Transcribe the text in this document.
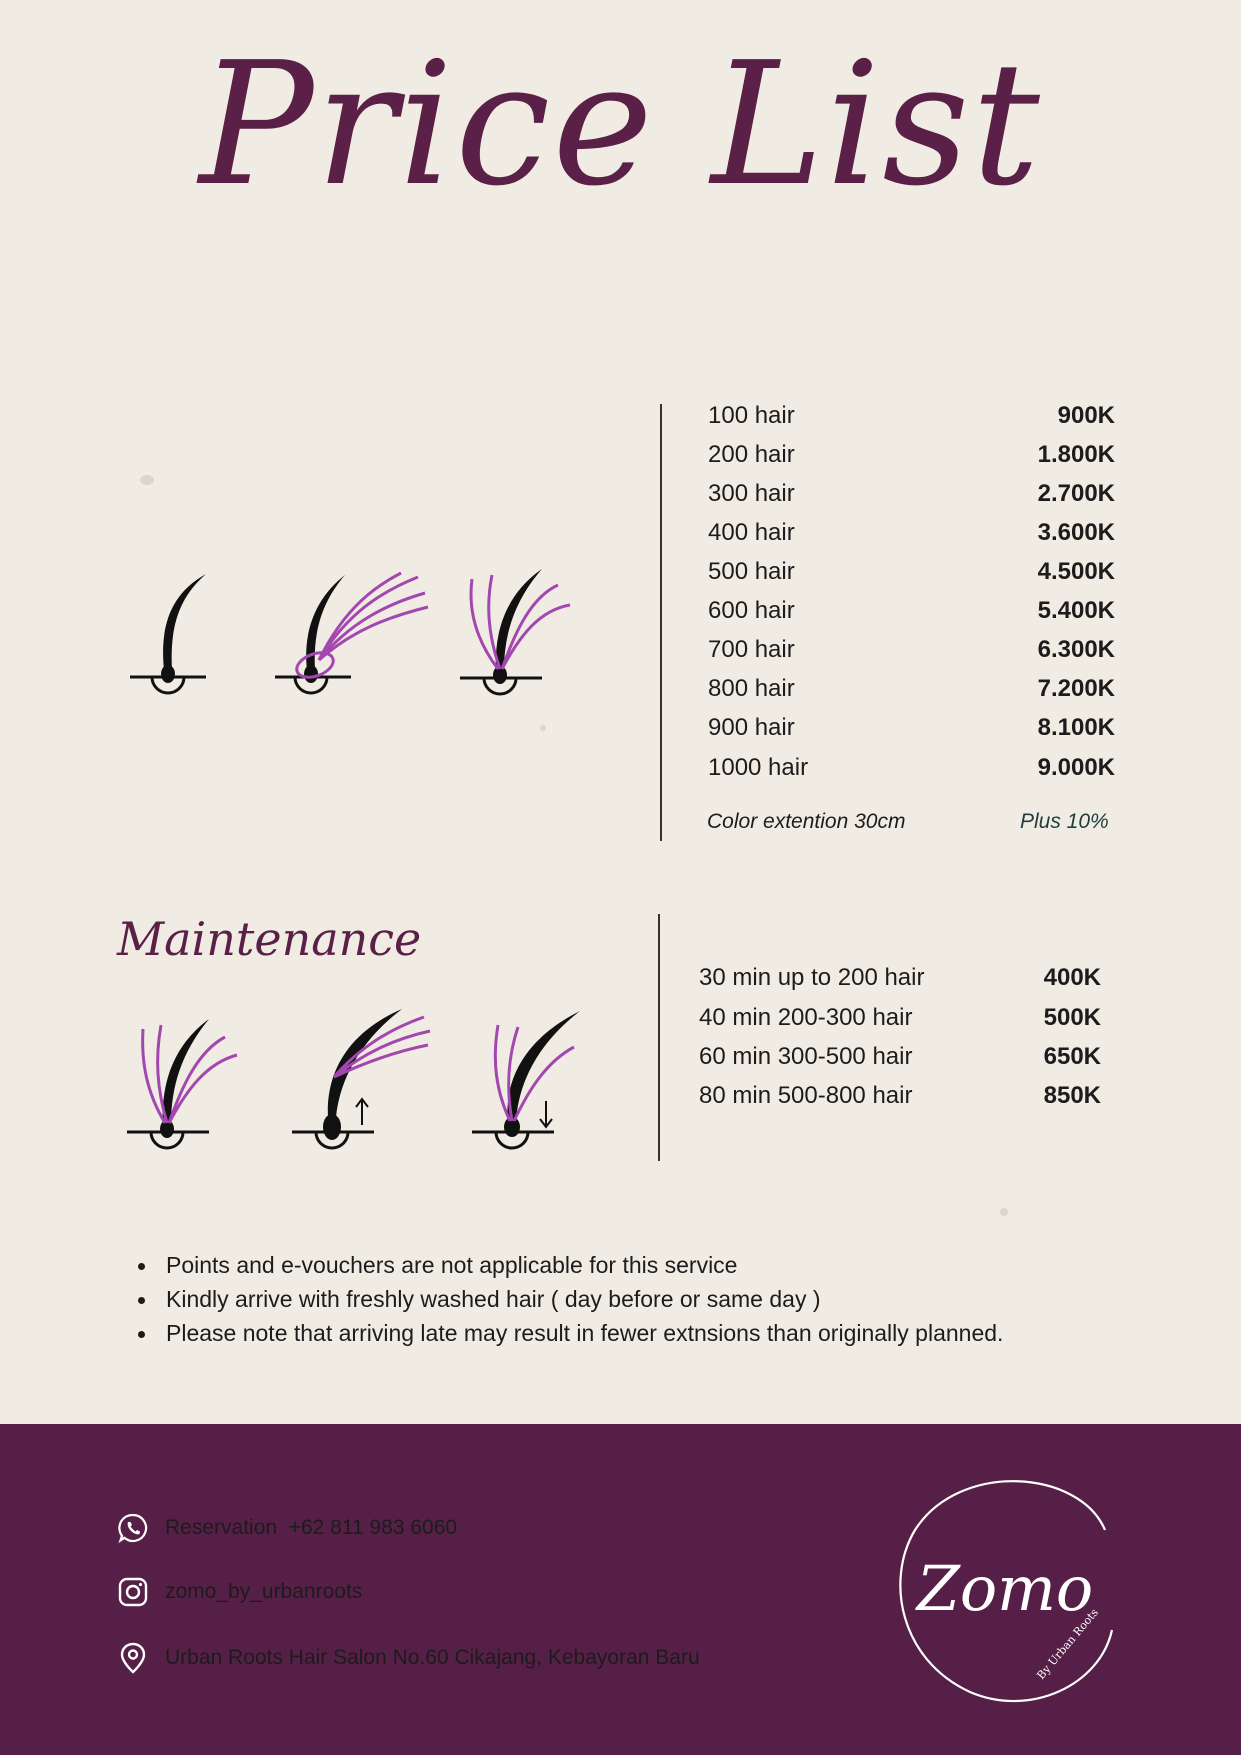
Price List
100 hair	900K
200 hair	1.800K
300 hair	2.700K
400 hair	3.600K
500 hair	4.500K
600 hair	5.400K
700 hair	6.300K
800 hair	7.200K
900 hair	8.100K
1000 hair	9.000K
Color extention 30cm	Plus 10%
Maintenance
30 min up to 200 hair	400K
40 min 200-300 hair	500K
60 min 300-500 hair	650K
80 min 500-800 hair	850K
Points and e-vouchers are not applicable for this service
Kindly arrive with freshly washed hair ( day before or same day )
Please note that arriving late may result in fewer extnsions than originally planned.
Reservation  +62 811 983 6060
zomo_by_urbanroots
Urban Roots Hair Salon No.60 Cikajang, Kebayoran Baru
Zomo
By Urban Roots
